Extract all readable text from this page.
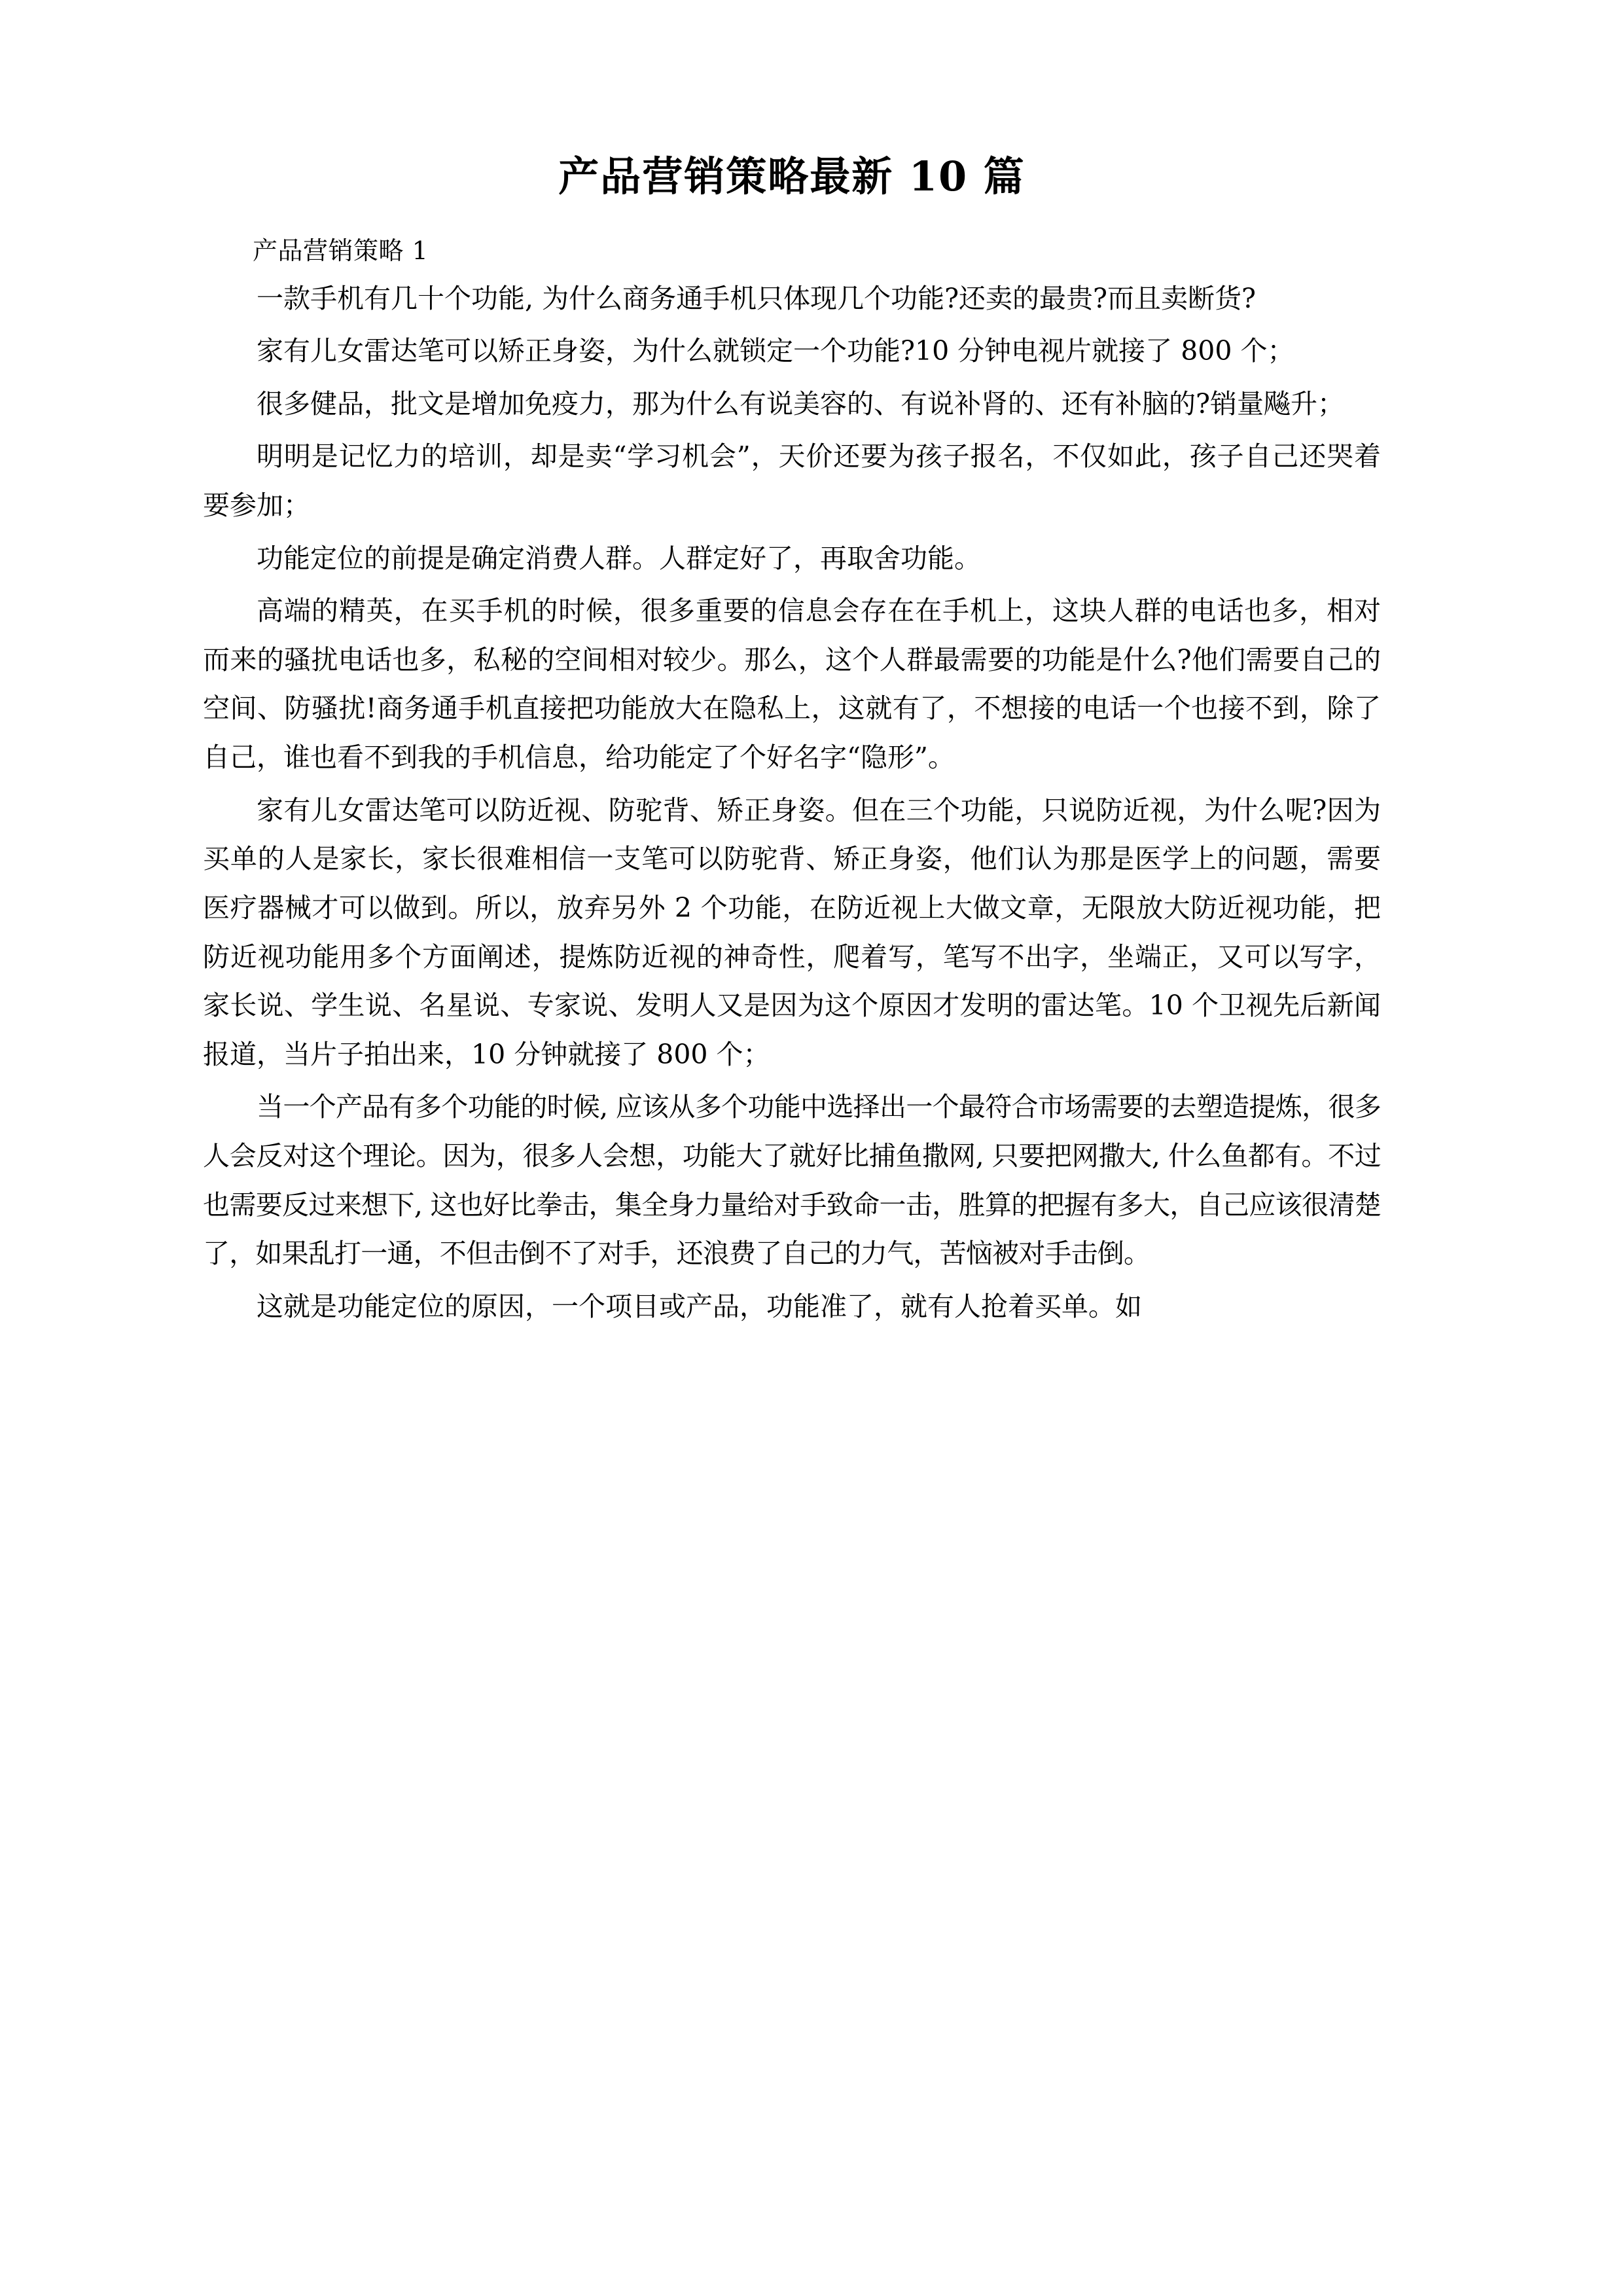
产品营销策略最新 10 篇

产品营销策略 1

一款手机有几十个功能, 为什么商务通手机只体现几个功能?还卖的最贵?而且卖断货?

家有儿女雷达笔可以矫正身姿，为什么就锁定一个功能?10 分钟电视片就接了 800 个；

很多健品，批文是增加免疫力，那为什么有说美容的、有说补肾的、还有补脑的?销量飚升；

明明是记忆力的培训，却是卖“学习机会”，天价还要为孩子报名，不仅如此，孩子自己还哭着要参加；

功能定位的前提是确定消费人群。人群定好了，再取舍功能。

高端的精英，在买手机的时候，很多重要的信息会存在在手机上，这块人群的电话也多，相对而来的骚扰电话也多，私秘的空间相对较少。那么，这个人群最需要的功能是什么?他们需要自己的空间、防骚扰!商务通手机直接把功能放大在隐私上，这就有了，不想接的电话一个也接不到，除了自己，谁也看不到我的手机信息，给功能定了个好名字“隐形”。

家有儿女雷达笔可以防近视、防驼背、矫正身姿。但在三个功能，只说防近视，为什么呢?因为买单的人是家长，家长很难相信一支笔可以防驼背、矫正身姿，他们认为那是医学上的问题，需要医疗器械才可以做到。所以，放弃另外 2 个功能，在防近视上大做文章，无限放大防近视功能，把防近视功能用多个方面阐述，提炼防近视的神奇性，爬着写，笔写不出字，坐端正，又可以写字，家长说、学生说、名星说、专家说、发明人又是因为这个原因才发明的雷达笔。10 个卫视先后新闻报道，当片子拍出来，10 分钟就接了 800 个；

当一个产品有多个功能的时候, 应该从多个功能中选择出一个最符合市场需要的去塑造提炼，很多人会反对这个理论。因为，很多人会想，功能大了就好比捕鱼撒网, 只要把网撒大, 什么鱼都有。不过也需要反过来想下, 这也好比拳击，集全身力量给对手致命一击，胜算的把握有多大，自己应该很清楚了，如果乱打一通，不但击倒不了对手，还浪费了自己的力气，苦恼被对手击倒。

这就是功能定位的原因，一个项目或产品，功能准了，就有人抢着买单。如
